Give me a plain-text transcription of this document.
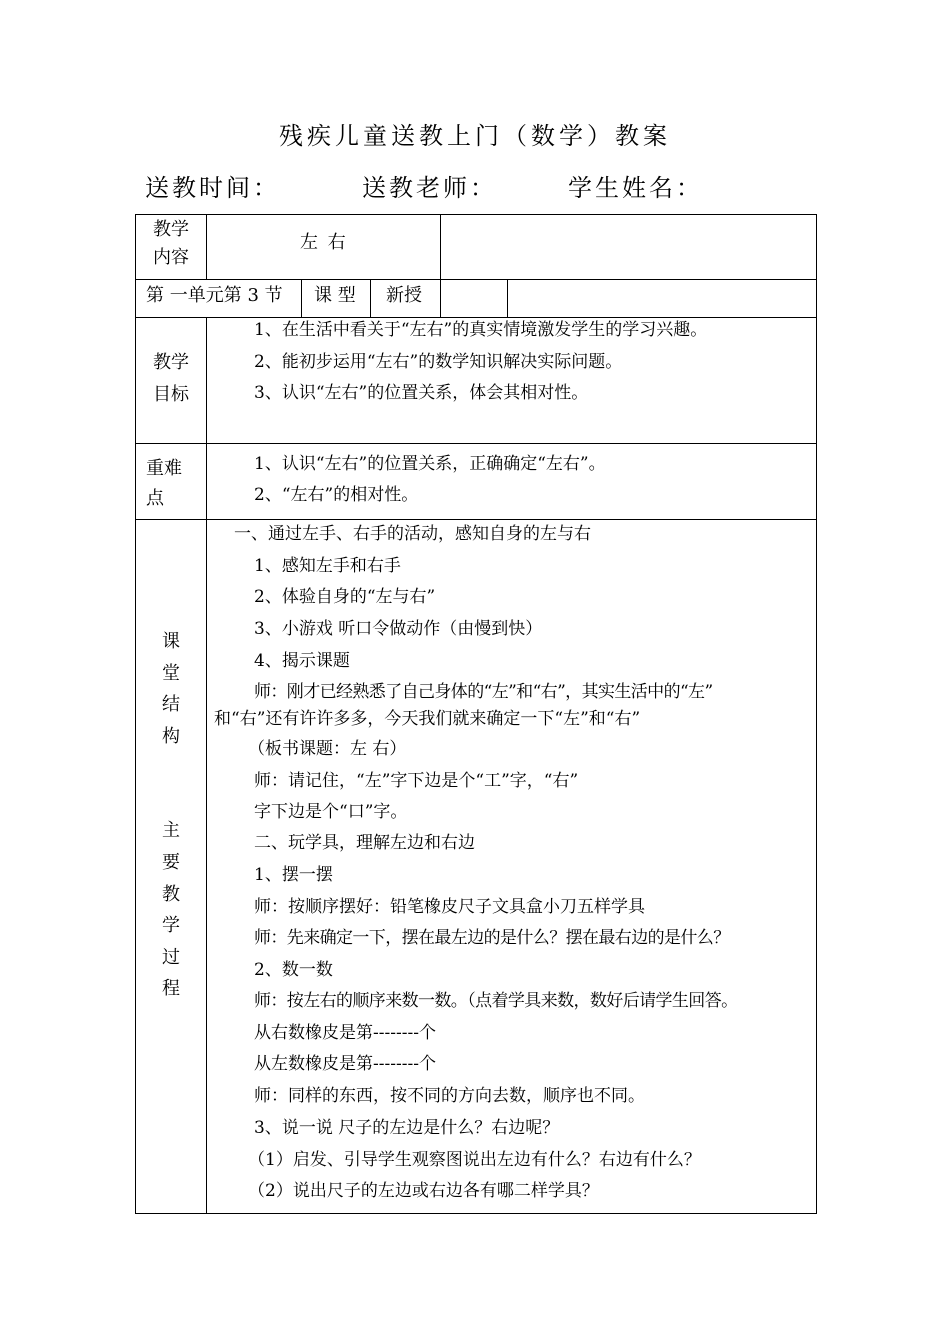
残疾儿童送教上门（数学）教案
送教时间：	送教老师：	学生姓名：
教学
内容
左 右
第 一单元第 3 节 课 型 新授
教学
目标
1、在生活中看关于“左右”的真实情境激发学生的学习兴趣。
2、能初步运用“左右”的数学知识解决实际问题。
3、认识“左右”的位置关系，体会其相对性。
重难
点
1、认识“左右”的位置关系，正确确定“左右”。
2、“左右”的相对性。
课
堂
结
构
主
要
教
学
过
程
一、通过左手、右手的活动，感知自身的左与右
1、感知左手和右手
2、体验自身的“左与右”
3、小游戏 听口令做动作（由慢到快）
4、揭示课题
师：刚才已经熟悉了自己身体的“左”和“右”，其实生活中的“左”
和“右”还有许许多多，今天我们就来确定一下“左”和“右”
（板书课题：左 右）
师：请记住，“左”字下边是个“工”字，“右”
字下边是个“口”字。
二、玩学具，理解左边和右边
1、摆一摆
师：按顺序摆好：铅笔橡皮尺子文具盒小刀五样学具
师：先来确定一下，摆在最左边的是什么？摆在最右边的是什么？
2、数一数
师：按左右的顺序来数一数。（点着学具来数，数好后请学生回答。
从右数橡皮是第--------个
从左数橡皮是第--------个
师：同样的东西，按不同的方向去数，顺序也不同。
3、说一说 尺子的左边是什么？右边呢？
（1）启发、引导学生观察图说出左边有什么？右边有什么？
（2）说出尺子的左边或右边各有哪二样学具？
